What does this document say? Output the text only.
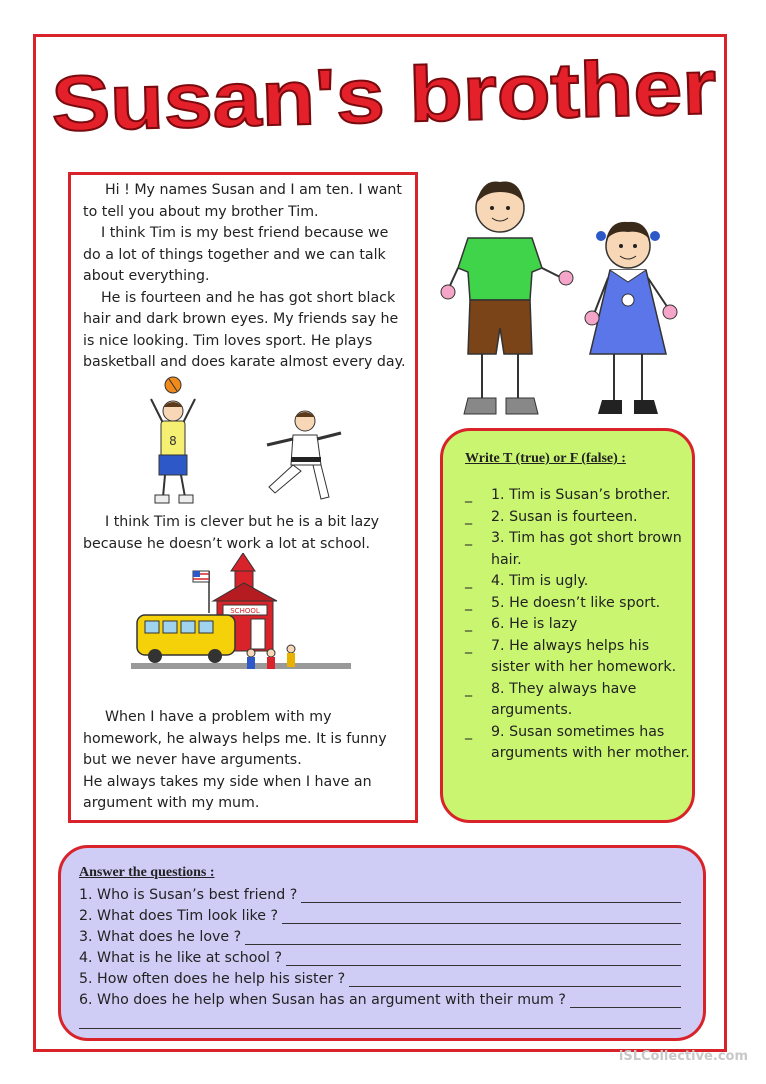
Susan's brother

Hi ! My names Susan and I am ten. I want to tell you about my brother Tim.
I think Tim is my best friend because we do a lot of things together and we can talk about everything.
He is fourteen and he has got short black hair and dark brown eyes. My friends say he is nice looking. Tim loves sport. He plays basketball and does karate almost every day.

8

I think Tim is clever but he is a bit lazy because he doesn’t work a lot at school.

SCHOOL

When I have a problem with my homework, he always helps me. It is funny but we never have arguments.
He always takes my side when I have an argument with my mum.

Write T (true) or F (false) :
_ 1. Tim is Susan’s brother.
_ 2. Susan is fourteen.
_ 3. Tim has got short brown hair.
_ 4. Tim is ugly.
_ 5. He doesn’t like sport.
_ 6. He is lazy
_ 7. He always helps his sister with her homework.
_ 8. They always have arguments.
_ 9. Susan sometimes has arguments with her mother.
Answer the questions :
1. Who is Susan’s best friend ?
2. What does Tim look like ?
3. What does he love ?
4. What is he like at school ?
5. How often does he help his sister ?
6. Who does he help when Susan has an argument with their mum ?
iSLCollective.com
